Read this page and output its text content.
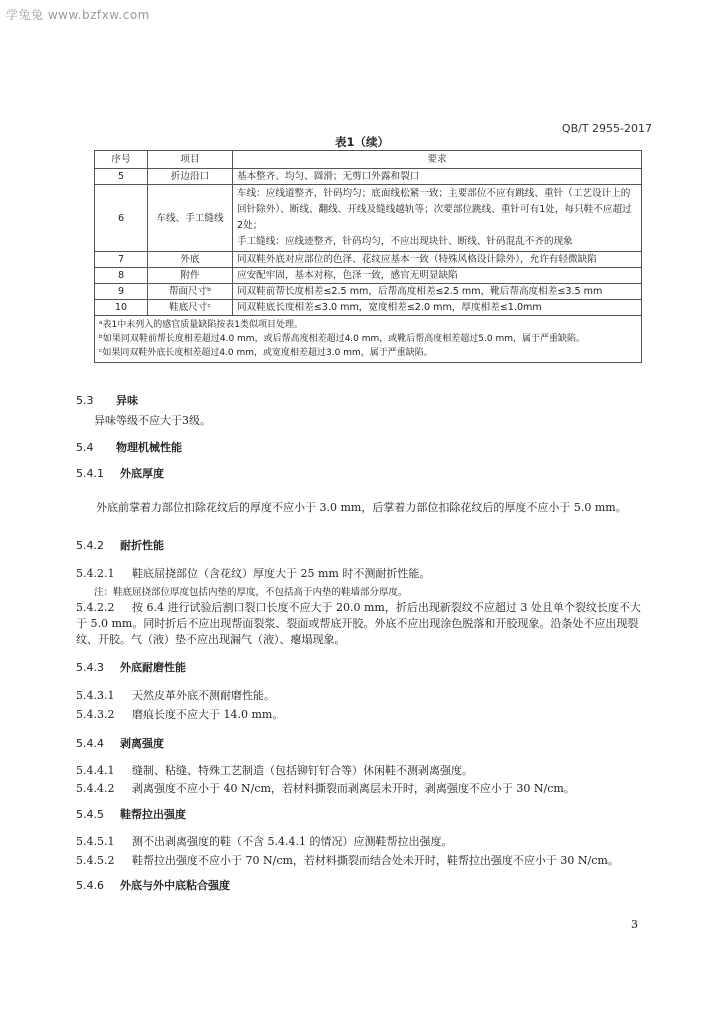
学兔兔 www.bzfxw.com
QB/T 2955-2017
表1（续）
序号	项目	要求
5	折边沿口	基本整齐、均匀、圆滑；无剪口外露和裂口
6	车线、手工缝线	车线：应线道整齐，针码均匀；底面线松紧一致；主要部位不应有跳线、重针（工艺设计上的回针除外）、断线、翻线、开线及缝线越轨等；次要部位跳线、重针可有1处，每只鞋不应超过2处；
手工缝线：应线迹整齐，针码均匀，不应出现块针、断线、针码混乱不齐的现象
7	外底	同双鞋外底对应部位的色泽、花纹应基本一致（特殊风格设计除外），允许有轻微缺陷
8	附件	应安配牢固，基本对称，色泽一致，感官无明显缺陷
9	帮面尺寸ᵇ	同双鞋前帮长度相差≤2.5 mm，后帮高度相差≤2.5 mm，靴后帮高度相差≤3.5 mm
10	鞋底尺寸ᶜ	同双鞋底长度相差≤3.0 mm，宽度相差≤2.0 mm，厚度相差≤1.0mm

ᵃ表1中未列入的感官质量缺陷按表1类似项目处理。
ᵇ如果同双鞋前帮长度相差超过4.0 mm，或后帮高度相差超过4.0 mm，或靴后帮高度相差超过5.0 mm，属于严重缺陷。
ᶜ如果同双鞋外底长度相差超过4.0 mm，或宽度相差超过3.0 mm，属于严重缺陷。		
5.3 异味
异味等级不应大于3级。
5.4 物理机械性能
5.4.1 外底厚度
外底前掌着力部位扣除花纹后的厚度不应小于 3.0 mm，后掌着力部位扣除花纹后的厚度不应小于 5.0 mm。
5.4.2 耐折性能
5.4.2.1 鞋底屈挠部位（含花纹）厚度大于 25 mm 时不测耐折性能。
注：鞋底屈挠部位厚度包括内垫的厚度，不包括高于内垫的鞋墙部分厚度。
5.4.2.2 按 6.4 进行试验后割口裂口长度不应大于 20.0 mm，折后出现新裂纹不应超过 3 处且单个裂纹长度不大于 5.0 mm。同时折后不应出现帮面裂浆、裂面或帮底开胶。外底不应出现涂色脱落和开胶现象。沿条处不应出现裂纹、开胶。气（液）垫不应出现漏气（液）、瘪塌现象。
5.4.3 外底耐磨性能
5.4.3.1 天然皮革外底不测耐磨性能。
5.4.3.2 磨痕长度不应大于 14.0 mm。
5.4.4 剥离强度
5.4.4.1 缝制、粘缝、特殊工艺制造（包括铆钉钉合等）休闲鞋不测剥离强度。
5.4.4.2 剥离强度不应小于 40 N/cm，若材料撕裂而剥离层未开时，剥离强度不应小于 30 N/cm。
5.4.5 鞋帮拉出强度
5.4.5.1 测不出剥离强度的鞋（不含 5.4.4.1 的情况）应测鞋帮拉出强度。
5.4.5.2 鞋帮拉出强度不应小于 70 N/cm，若材料撕裂而结合处未开时，鞋帮拉出强度不应小于 30 N/cm。
5.4.6 外底与外中底粘合强度
3
